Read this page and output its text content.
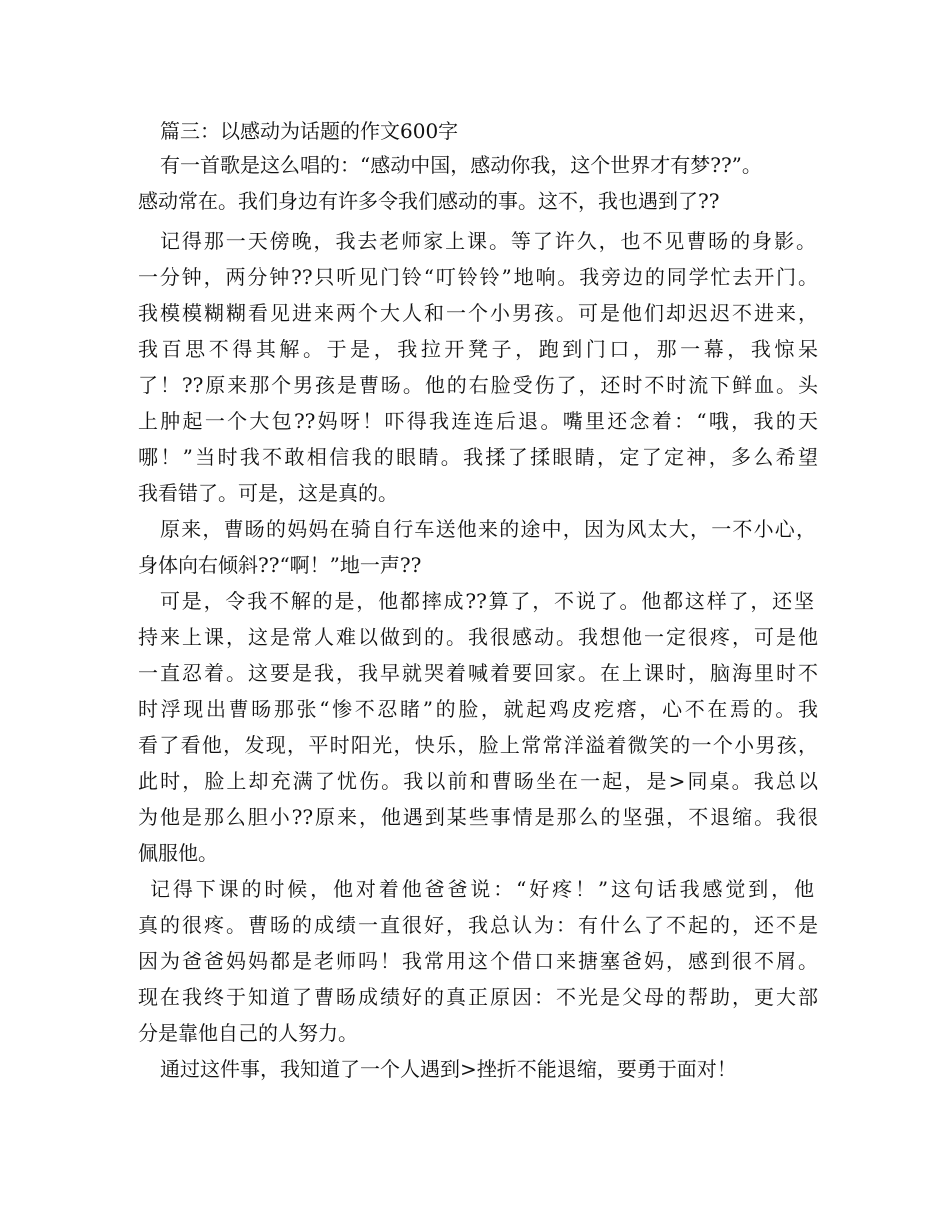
篇三：以感动为话题的作文600字
有一首歌是这么唱的：“感动中国，感动你我，这个世界才有梦??”。
感动常在。我们身边有许多令我们感动的事。这不，我也遇到了??
记得那一天傍晚，我去老师家上课。等了许久，也不见曹旸的身影。
一分钟，两分钟??只听见门铃“叮铃铃”地响。我旁边的同学忙去开门。
我模模糊糊看见进来两个大人和一个小男孩。可是他们却迟迟不进来，
我百思不得其解。于是，我拉开凳子，跑到门口，那一幕，我惊呆
了！??原来那个男孩是曹旸。他的右脸受伤了，还时不时流下鲜血。头
上肿起一个大包??妈呀！吓得我连连后退。嘴里还念着：“哦，我的天
哪！”当时我不敢相信我的眼睛。我揉了揉眼睛，定了定神，多么希望
我看错了。可是，这是真的。
原来，曹旸的妈妈在骑自行车送他来的途中，因为风太大，一不小心，
身体向右倾斜??“啊！”地一声??
可是，令我不解的是，他都摔成??算了，不说了。他都这样了，还坚
持来上课，这是常人难以做到的。我很感动。我想他一定很疼，可是他
一直忍着。这要是我，我早就哭着喊着要回家。在上课时，脑海里时不
时浮现出曹旸那张“惨不忍睹”的脸，就起鸡皮疙瘩，心不在焉的。我
看了看他，发现，平时阳光，快乐，脸上常常洋溢着微笑的一个小男孩，
此时，脸上却充满了忧伤。我以前和曹旸坐在一起，是>同桌。我总以
为他是那么胆小??原来，他遇到某些事情是那么的坚强，不退缩。我很
佩服他。
记得下课的时候，他对着他爸爸说：“好疼！”这句话我感觉到，他
真的很疼。曹旸的成绩一直很好，我总认为：有什么了不起的，还不是
因为爸爸妈妈都是老师吗！我常用这个借口来搪塞爸妈，感到很不屑。
现在我终于知道了曹旸成绩好的真正原因：不光是父母的帮助，更大部
分是靠他自己的人努力。
通过这件事，我知道了一个人遇到>挫折不能退缩，要勇于面对！
